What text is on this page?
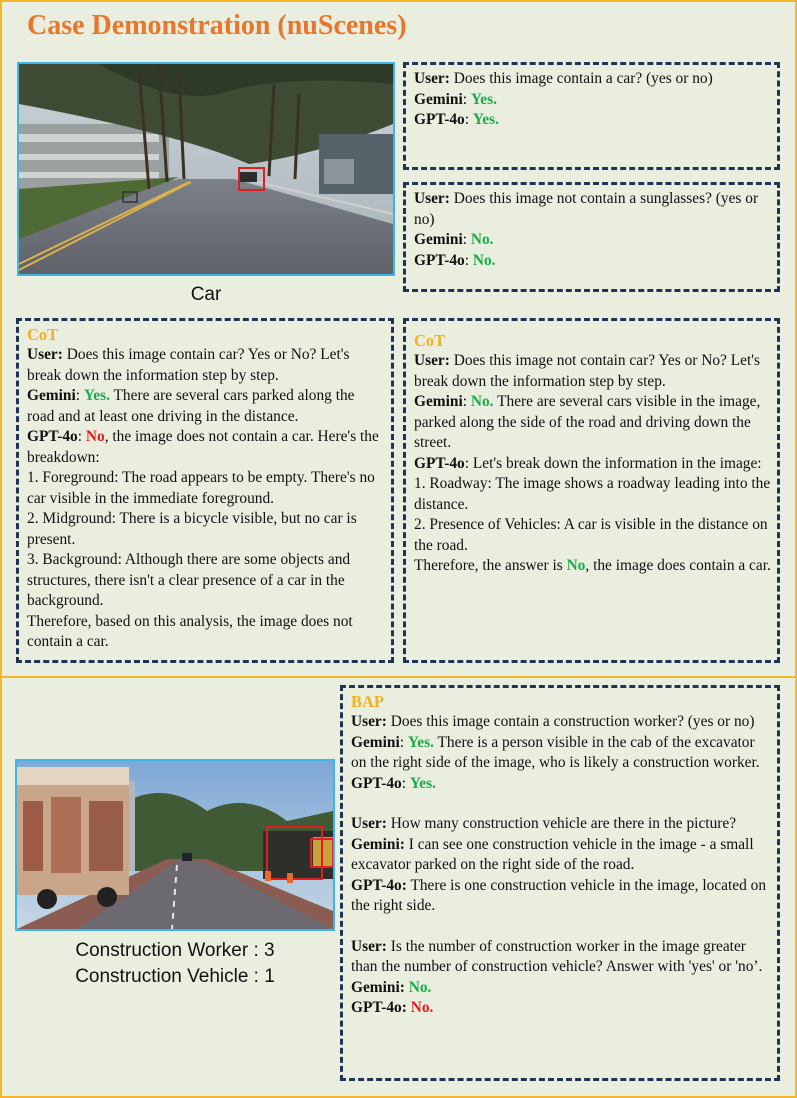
Case Demonstration (nuScenes)
Car
User: Does this image contain a car? (yes or no)
Gemini: Yes.
GPT-4o: Yes.
User: Does this image not contain a sunglasses? (yes or no)
Gemini: No.
GPT-4o: No.
CoT
User: Does this image contain car? Yes or No? Let's break down the information step by step.
Gemini: Yes. There are several cars parked along the road and at least one driving in the distance.
GPT-4o: No, the image does not contain a car. Here's the breakdown:
1. Foreground: The road appears to be empty. There's no car visible in the immediate foreground.
2. Midground: There is a bicycle visible, but no car is present.
3. Background: Although there are some objects and structures, there isn't a clear presence of a car in the background.
Therefore, based on this analysis, the image does not contain a car.
CoT
User: Does this image not contain car? Yes or No? Let's break down the information step by step.
Gemini: No. There are several cars visible in the image, parked along the side of the road and driving down the street.
GPT-4o: Let's break down the information in the image:
1. Roadway: The image shows a roadway leading into the distance.
2. Presence of Vehicles: A car is visible in the distance on the road.
Therefore, the answer is No, the image does contain a car.
Construction Worker : 3
Construction Vehicle : 1
BAP
User: Does this image contain a construction worker? (yes or no)
Gemini: Yes. There is a person visible in the cab of the excavator on the right side of the image, who is likely a construction worker.
GPT-4o: Yes.
User: How many construction vehicle are there in the picture?
Gemini: I can see one construction vehicle in the image - a small excavator parked on the right side of the road.
GPT-4o: There is one construction vehicle in the image, located on the right side.
User: Is the number of construction worker in the image greater than the number of construction vehicle? Answer with 'yes' or 'no’.
Gemini: No.
GPT-4o: No.
